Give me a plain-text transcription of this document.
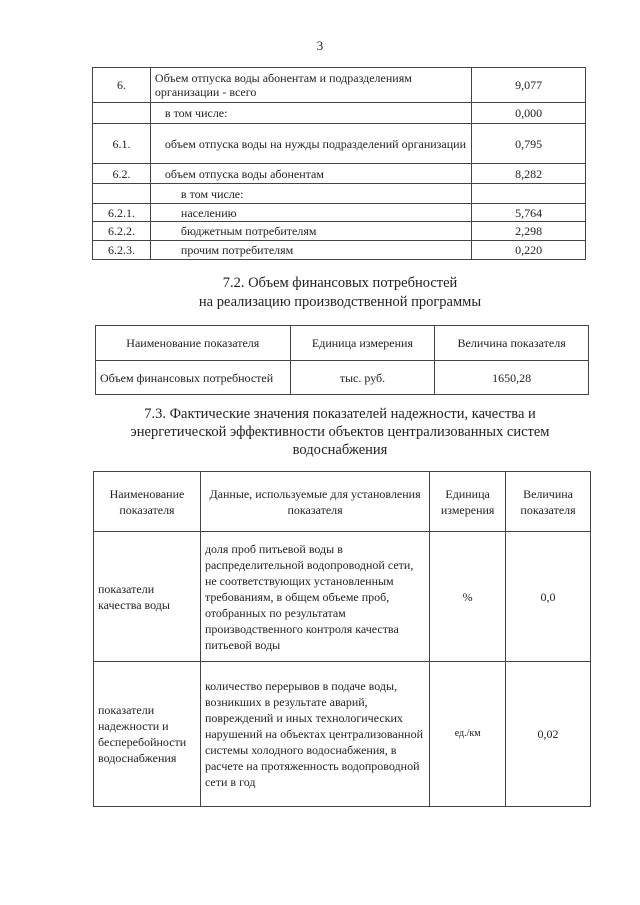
3
6.	Объем отпуска воды абонентам и подразделениям организации - всего	9,077
	в том числе:	0,000
6.1.	объем отпуска воды на нужды подразделений организации	0,795
6.2.	объем отпуска воды абонентам	8,282
	в том числе:	
6.2.1.	населению	5,764
6.2.2.	бюджетным потребителям	2,298
6.2.3.	прочим потребителям	0,220
7.2. Объем финансовых потребностей
на реализацию производственной программы
Наименование показателя	Единица измерения	Величина показателя
Объем финансовых потребностей	тыс. руб.	1650,28
7.3. Фактические значения показателей надежности, качества и
энергетической эффективности объектов централизованных систем
водоснабжения
Наименование показателя	Данные, используемые для установления показателя	Единица измерения	Величина показателя
показатели качества воды	доля проб питьевой воды в распределительной водопроводной сети, не соответствующих установленным требованиям, в общем объеме проб, отобранных по результатам производственного контроля качества питьевой воды	%	0,0
показатели надежности и бесперебойности водоснабжения	количество перерывов в подаче воды, возникших в результате аварий, повреждений и иных технологических нарушений на объектах централизованной системы холодного водоснабжения, в расчете на протяженность водопроводной сети в год	ед./км	0,02
